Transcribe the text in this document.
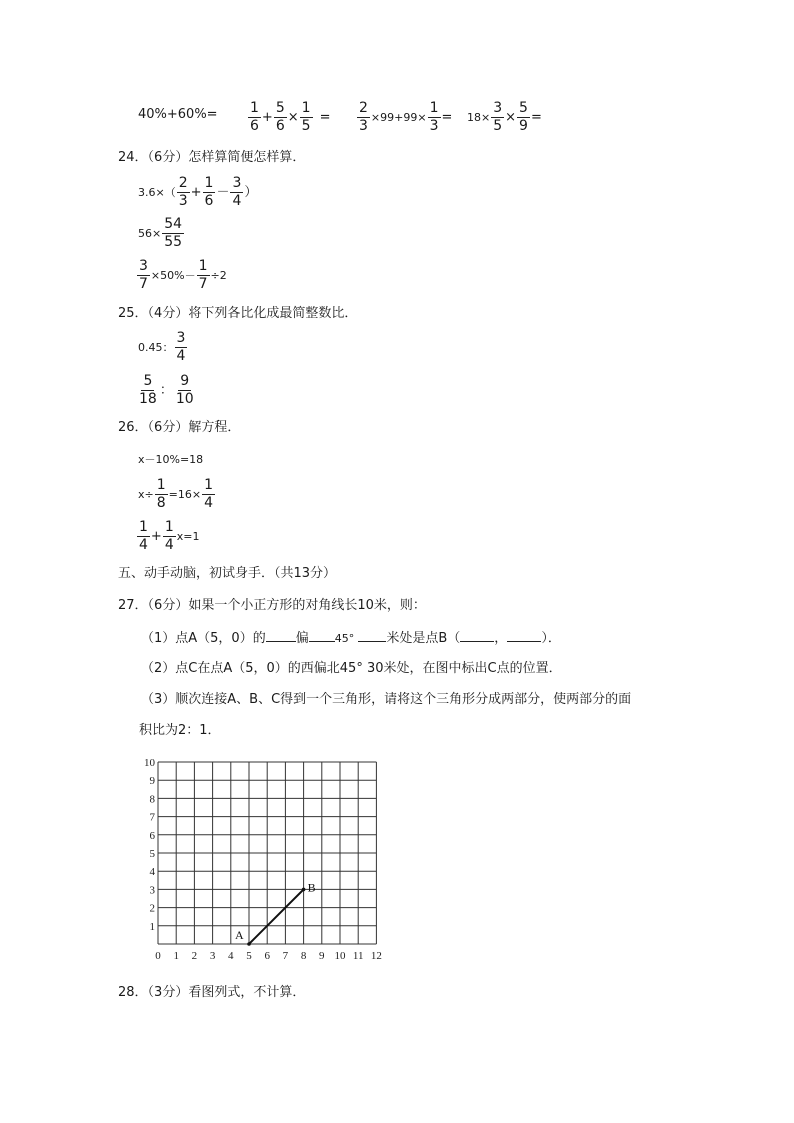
$40\%+60\%= \frac{1}{6} + \frac{5}{6} \times \frac{1}{5} = \frac{2}{3} \times 99+99\times \frac{1}{3} = 18\times \frac{3}{5} \times \frac{5}{9}$ =
24．（6分）怎样算简便怎样算．
$3.6\times( \frac{2}{3} + \frac{1}{6} - \frac{3}{4}$ ）
$56\times \frac{54}{55}$
$\frac{3}{7} \times 50\%- \frac{1}{7} \div 2$
25．（4分）将下列各比化成最简整数比．
0.45： $\frac{3}{4}$
$\frac{5}{18}$ ： $\frac{9}{10}$
26．（6分）解方程．
x－10%=18
$x\div \frac{1}{8} =16\times \frac{1}{4}$
$\frac{1}{4} + \frac{1}{4} x=1$
五、动手动脑，初试身手．（共13分）
27．（6分）如果一个小正方形的对角线长10米，则：
（1）点A（5，0）的 偏 45° 米处是点B（	，	）．
（2）点C在点A（5，0）的西偏北45° 30米处，在图中标出C点的位置．
（3）顺次连接A、B、C得到一个三角形，请将这个三角形分成两部分，使两部分的面
积比为2：1．
0 1 2 3 4 5 6 7 8 9 10 11 12
1
2
3
4
5
6
7
8
9
10
A
B
28．（3分）看图列式，不计算．
